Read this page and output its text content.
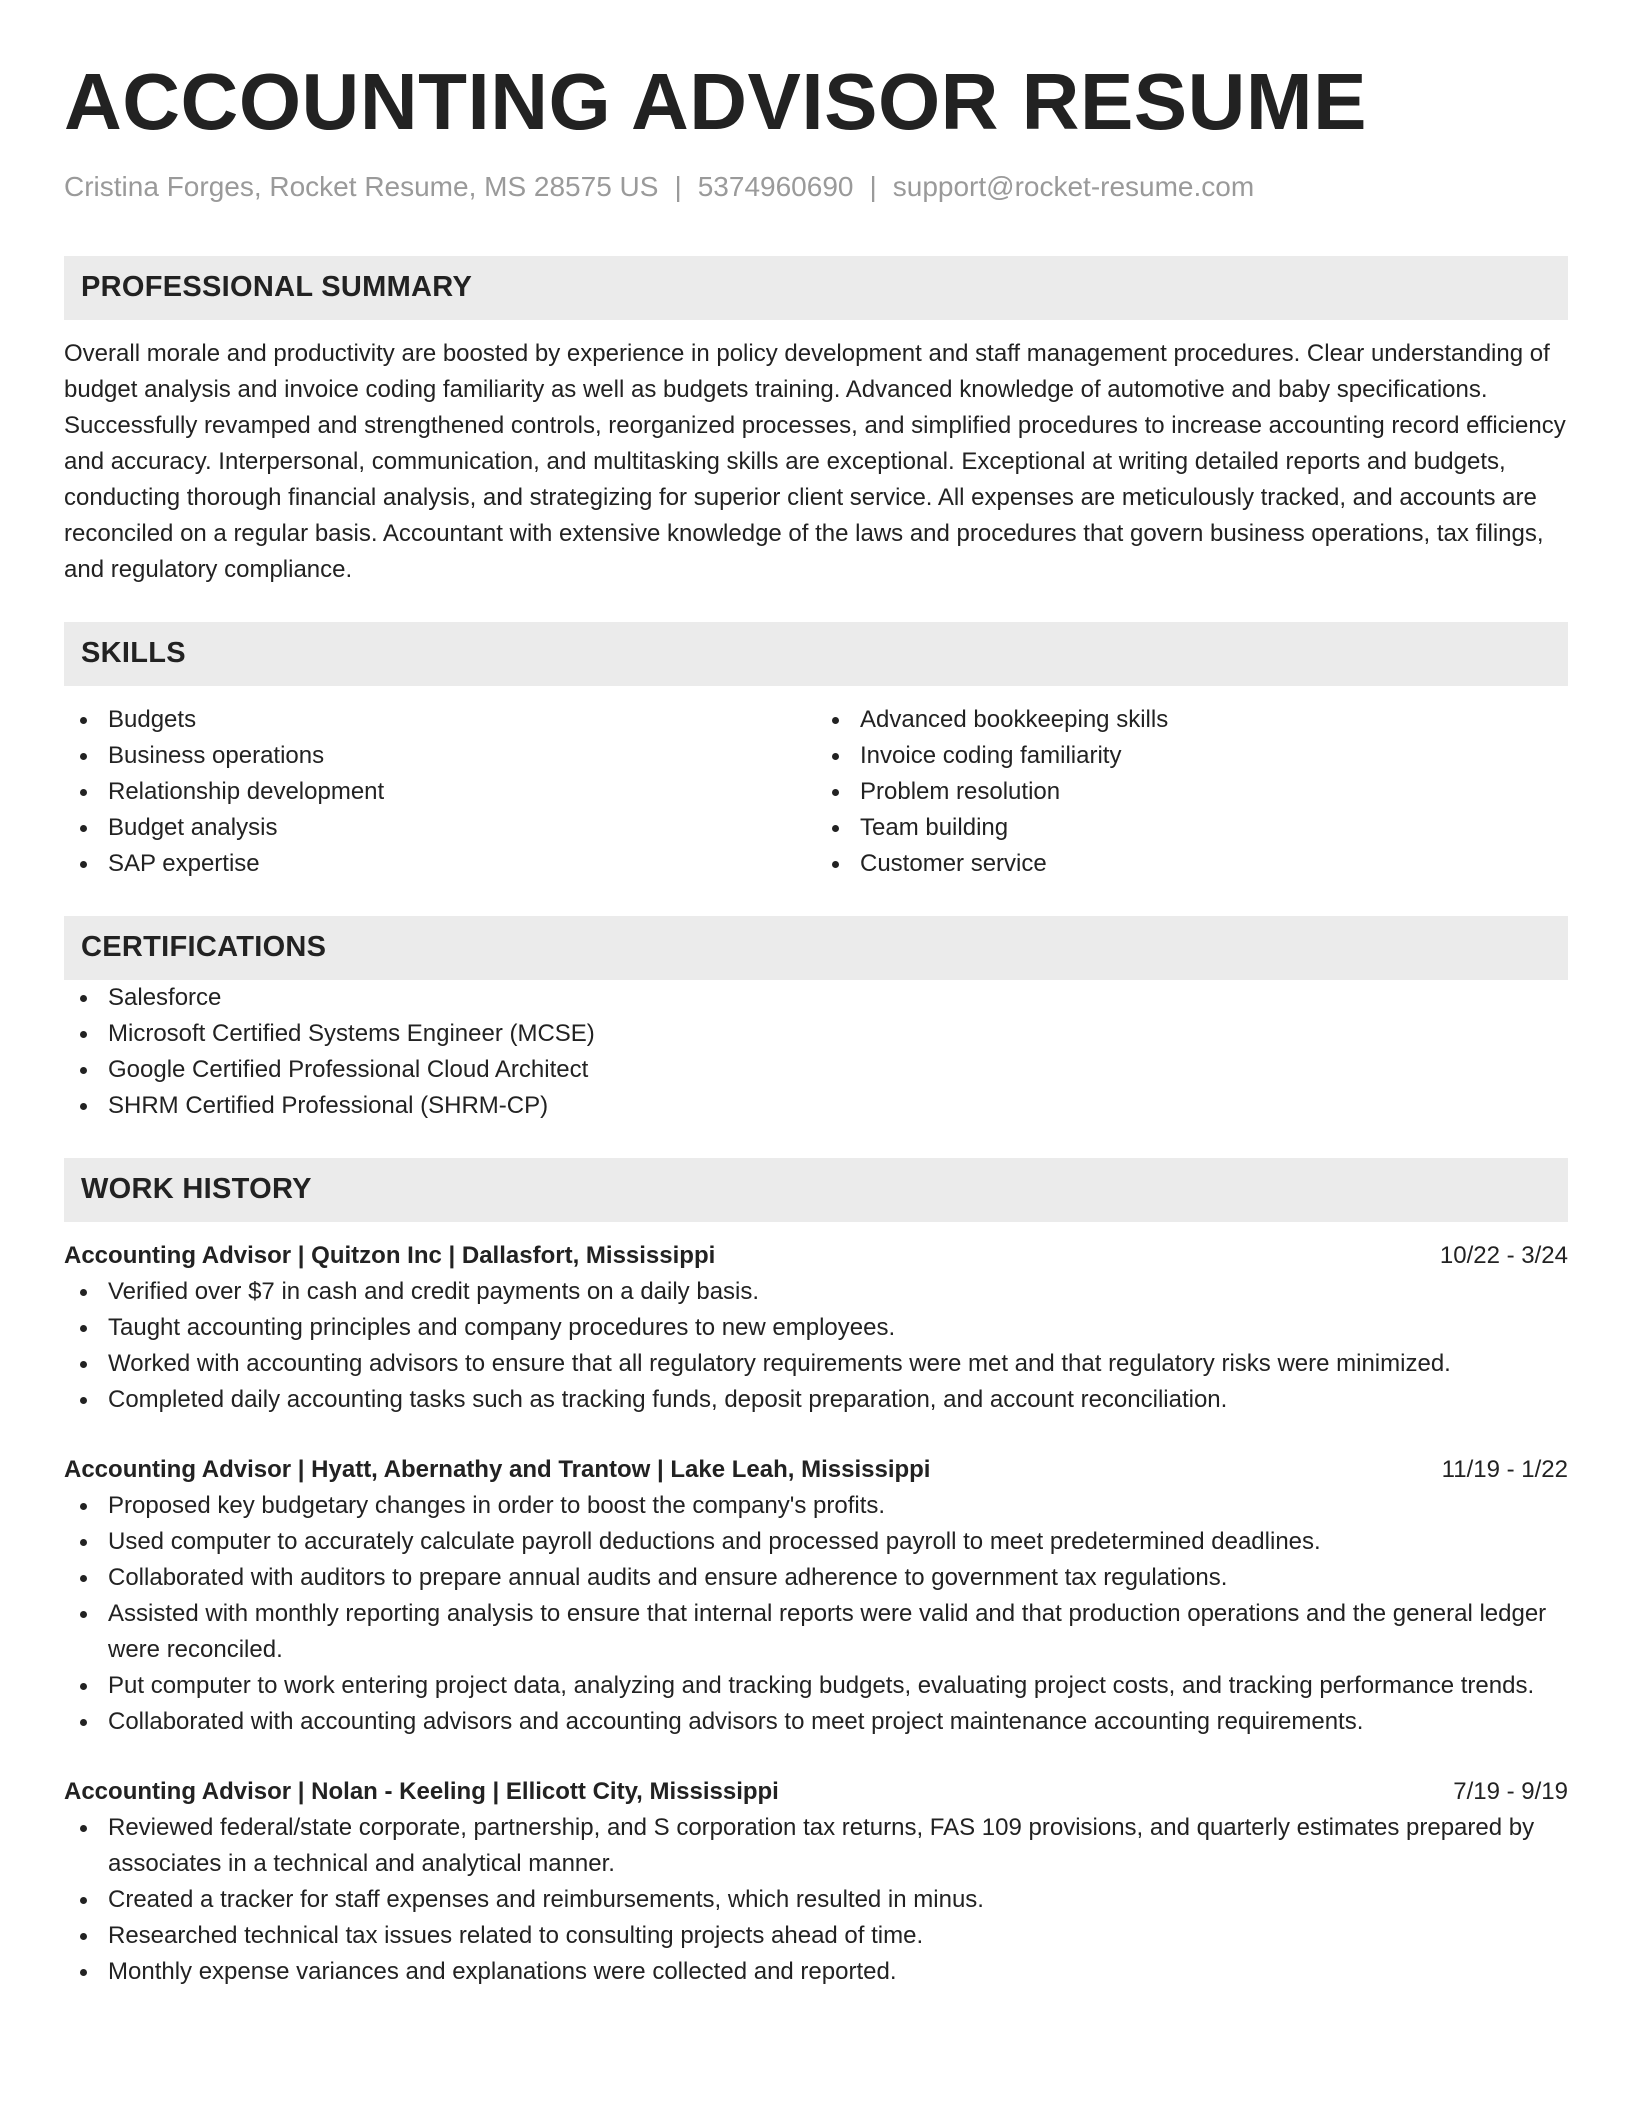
ACCOUNTING ADVISOR RESUME
Cristina Forges, Rocket Resume, MS 28575 US | 5374960690 | support@rocket-resume.com
PROFESSIONAL SUMMARY

Overall morale and productivity are boosted by experience in policy development and staff management procedures. Clear understanding of budget analysis and invoice coding familiarity as well as budgets training. Advanced knowledge of automotive and baby specifications. Successfully revamped and strengthened controls, reorganized processes, and simplified procedures to increase accounting record efficiency and accuracy. Interpersonal, communication, and multitasking skills are exceptional. Exceptional at writing detailed reports and budgets, conducting thorough financial analysis, and strategizing for superior client service. All expenses are meticulously tracked, and accounts are reconciled on a regular basis. Accountant with extensive knowledge of the laws and procedures that govern business operations, tax filings, and regulatory compliance.

SKILLS
Budgets
Business operations
Relationship development
Budget analysis
SAP expertise
Advanced bookkeeping skills
Invoice coding familiarity
Problem resolution
Team building
Customer service
CERTIFICATIONS
Salesforce
Microsoft Certified Systems Engineer (MCSE)
Google Certified Professional Cloud Architect
SHRM Certified Professional (SHRM-CP)
WORK HISTORY
Accounting Advisor | Quitzon Inc | Dallasfort, Mississippi	10/22 - 3/24
Verified over $7 in cash and credit payments on a daily basis.
Taught accounting principles and company procedures to new employees.
Worked with accounting advisors to ensure that all regulatory requirements were met and that regulatory risks were minimized.
Completed daily accounting tasks such as tracking funds, deposit preparation, and account reconciliation.
Accounting Advisor | Hyatt, Abernathy and Trantow | Lake Leah, Mississippi	11/19 - 1/22
Proposed key budgetary changes in order to boost the company's profits.
Used computer to accurately calculate payroll deductions and processed payroll to meet predetermined deadlines.
Collaborated with auditors to prepare annual audits and ensure adherence to government tax regulations.
Assisted with monthly reporting analysis to ensure that internal reports were valid and that production operations and the general ledger were reconciled.
Put computer to work entering project data, analyzing and tracking budgets, evaluating project costs, and tracking performance trends.
Collaborated with accounting advisors and accounting advisors to meet project maintenance accounting requirements.
Accounting Advisor | Nolan - Keeling | Ellicott City, Mississippi	7/19 - 9/19
Reviewed federal/state corporate, partnership, and S corporation tax returns, FAS 109 provisions, and quarterly estimates prepared by associates in a technical and analytical manner.
Created a tracker for staff expenses and reimbursements, which resulted in minus.
Researched technical tax issues related to consulting projects ahead of time.
Monthly expense variances and explanations were collected and reported.
